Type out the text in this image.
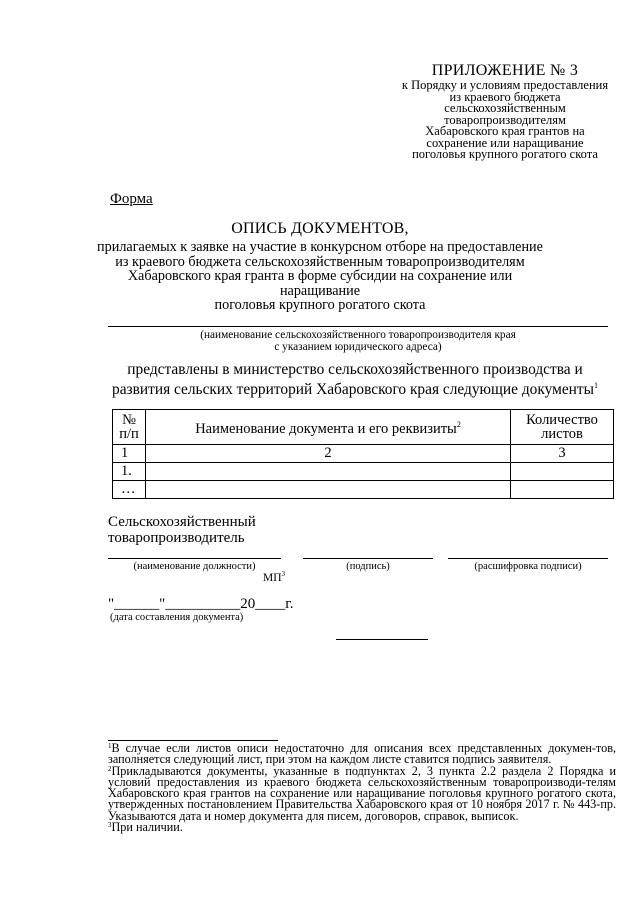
ПРИЛОЖЕНИЕ № 3
к Порядку и условиям предоставления
из краевого бюджета
сельскохозяйственным
товаропроизводителям
Хабаровского края грантов на
сохранение или наращивание
поголовья крупного рогатого скота
Форма
ОПИСЬ ДОКУМЕНТОВ,
прилагаемых к заявке на участие в конкурсном отборе на предоставление
из краевого бюджета сельскохозяйственным товаропроизводителям
Хабаровского края гранта в форме субсидии на сохранение или наращивание
поголовья крупного рогатого скота
(наименование сельскохозяйственного товаропроизводителя края
с указанием юридического адреса)
представлены в министерство сельскохозяйственного производства и
развития сельских территорий Хабаровского края следующие документы$^1$
№
п/п	Наименование документа и его реквизиты$^2$	Количество
листов
1	2	3
1.		
…		
Сельскохозяйственный
товаропроизводитель
(наименование должности)	(подпись)	(расшифровка подписи)
$МП^3$
"______"__________20____г.
(дата составления документа)

$^1$В случае если листов описи недостаточно для описания всех представленных докумен-тов, заполняется следующий лист, при этом на каждом листе ставится подпись заявителя.

$^2$Прикладываются документы, указанные в подпунктах 2, 3 пункта 2.2 раздела 2 Порядка и условий предоставления из краевого бюджета сельскохозяйственным товаропроизводи-телям Хабаровского края грантов на сохранение или наращивание поголовья крупного рогатого скота, утвержденных постановлением Правительства Хабаровского края от 10 ноября 2017 г. № 443-пр. Указываются дата и номер документа для писем, договоров, справок, выписок.

$^3$При наличии.
